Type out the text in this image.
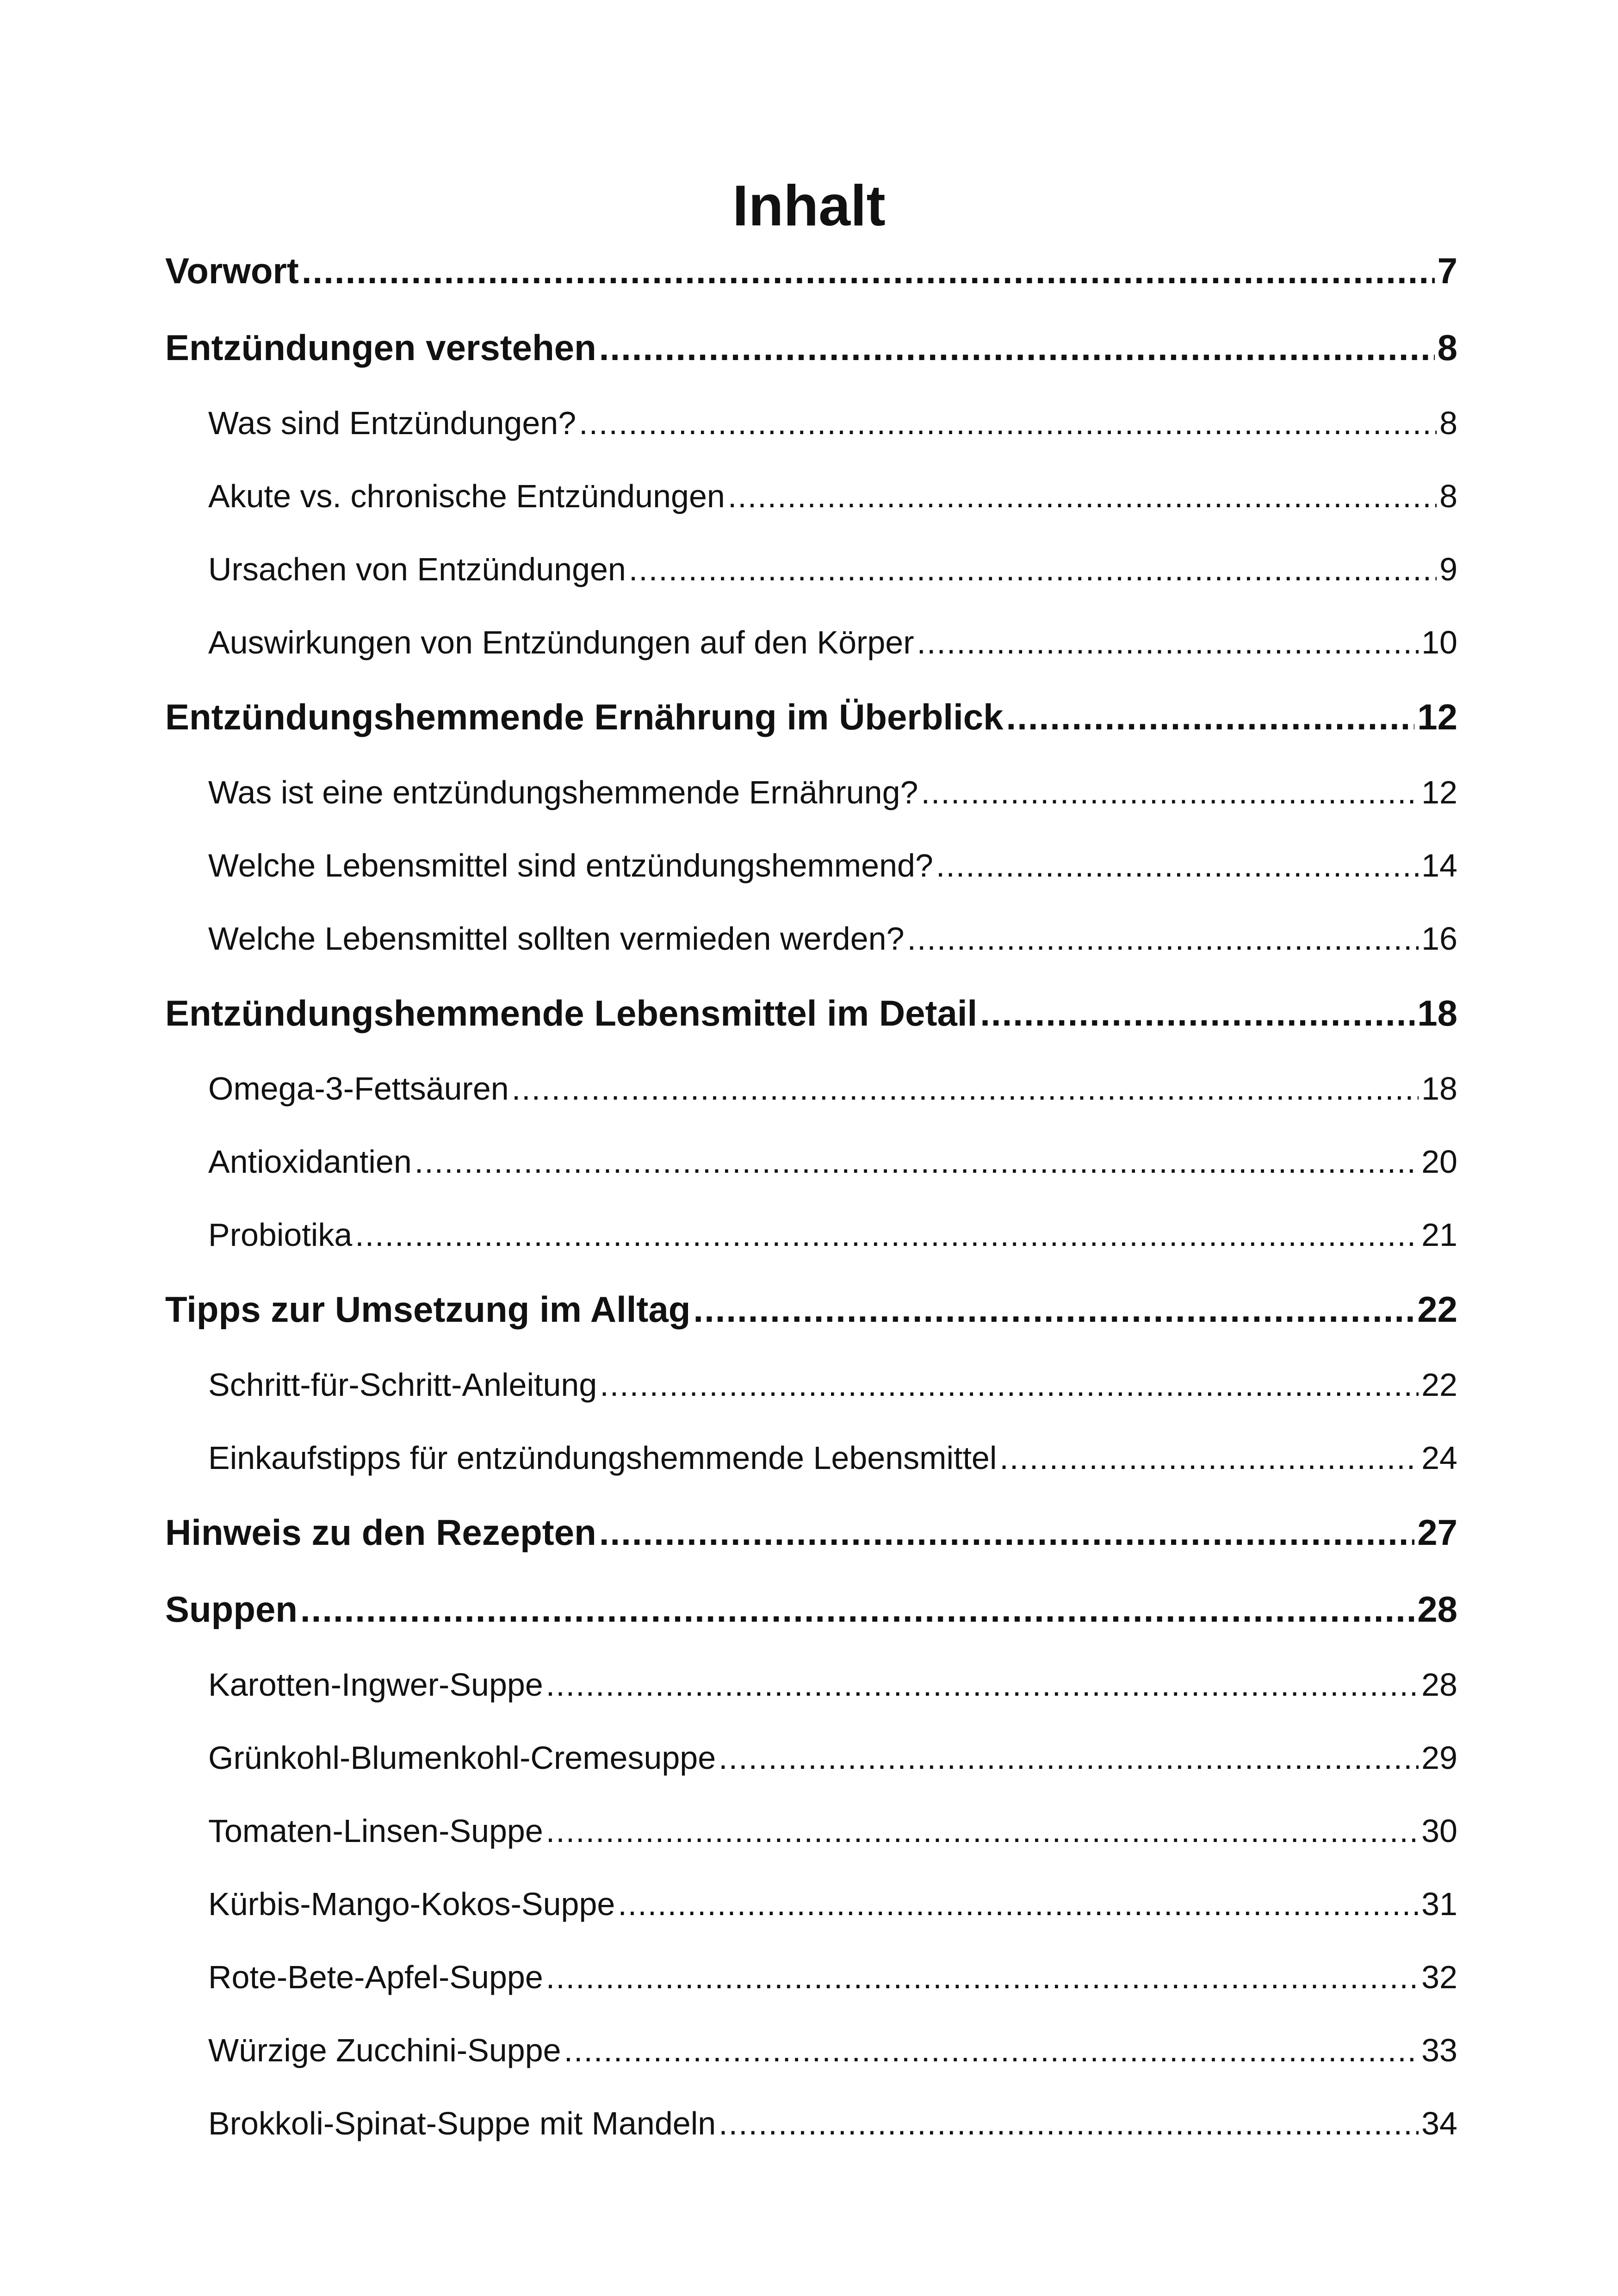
Inhalt
Vorwort .....	7
Entzündungen verstehen .....	8
Was sind Entzündungen? .....	8
Akute vs. chronische Entzündungen .....	8
Ursachen von Entzündungen .....	9
Auswirkungen von Entzündungen auf den Körper .....	10
Entzündungshemmende Ernährung im Überblick .....	12
Was ist eine entzündungshemmende Ernährung? .....	12
Welche Lebensmittel sind entzündungshemmend? .....	14
Welche Lebensmittel sollten vermieden werden? .....	16
Entzündungshemmende Lebensmittel im Detail .....	18
Omega-3-Fettsäuren .....	18
Antioxidantien .....	20
Probiotika .....	21
Tipps zur Umsetzung im Alltag .....	22
Schritt-für-Schritt-Anleitung .....	22
Einkaufstipps für entzündungshemmende Lebensmittel .....	24
Hinweis zu den Rezepten .....	27
Suppen .....	28
Karotten-Ingwer-Suppe .....	28
Grünkohl-Blumenkohl-Cremesuppe .....	29
Tomaten-Linsen-Suppe .....	30
Kürbis-Mango-Kokos-Suppe .....	31
Rote-Bete-Apfel-Suppe .....	32
Würzige Zucchini-Suppe .....	33
Brokkoli-Spinat-Suppe mit Mandeln .....	34
